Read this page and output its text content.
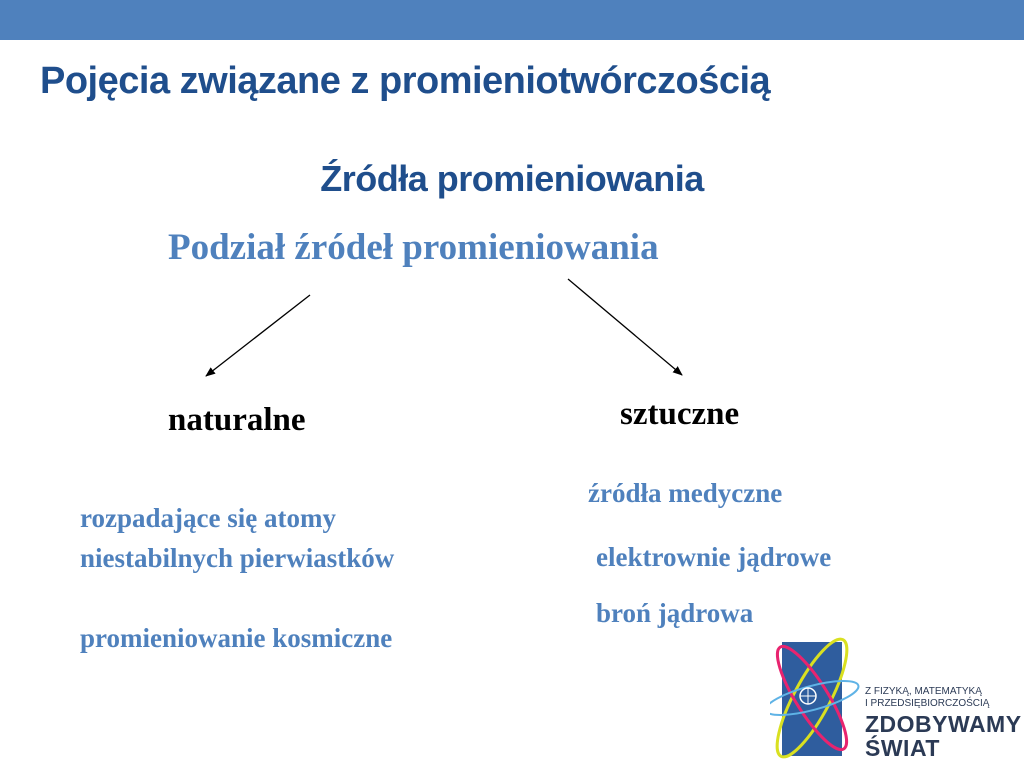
Pojęcia związane z promieniotwórczością
Źródła promieniowania
Podział źródeł promieniowania
naturalne	sztuczne
rozpadające się atomy
niestabilnych pierwiastków
promieniowanie kosmiczne
źródła medyczne
elektrownie jądrowe
broń jądrowa
Z FIZYKĄ, MATEMATYKĄ
I PRZEDSIĘBIORCZOŚCIĄ
ZDOBYWAMY
ŚWIAT
